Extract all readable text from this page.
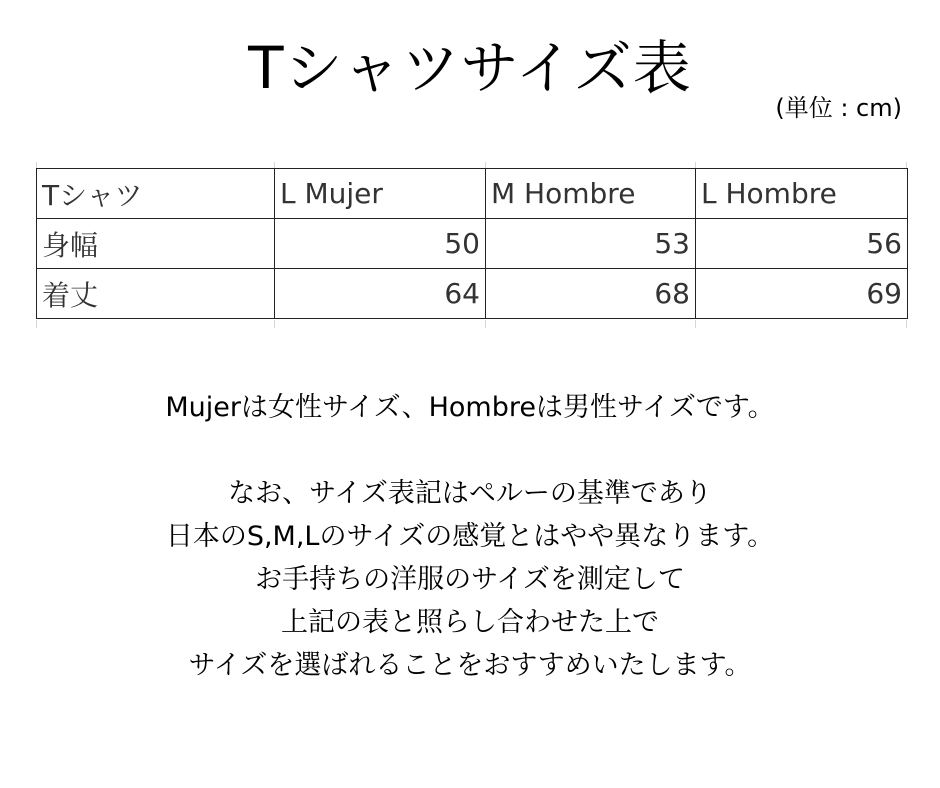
Tシャツサイズ表
(単位 : cm)
Tシャツ	L Mujer	M Hombre	L Hombre
身幅	50	53	56
着丈	64	68	69
Mujerは女性サイズ、Hombreは男性サイズです。
なお、サイズ表記はペルーの基準であり
日本のS,M,Lのサイズの感覚とはやや異なります。
お手持ちの洋服のサイズを測定して
上記の表と照らし合わせた上で
サイズを選ばれることをおすすめいたします。
